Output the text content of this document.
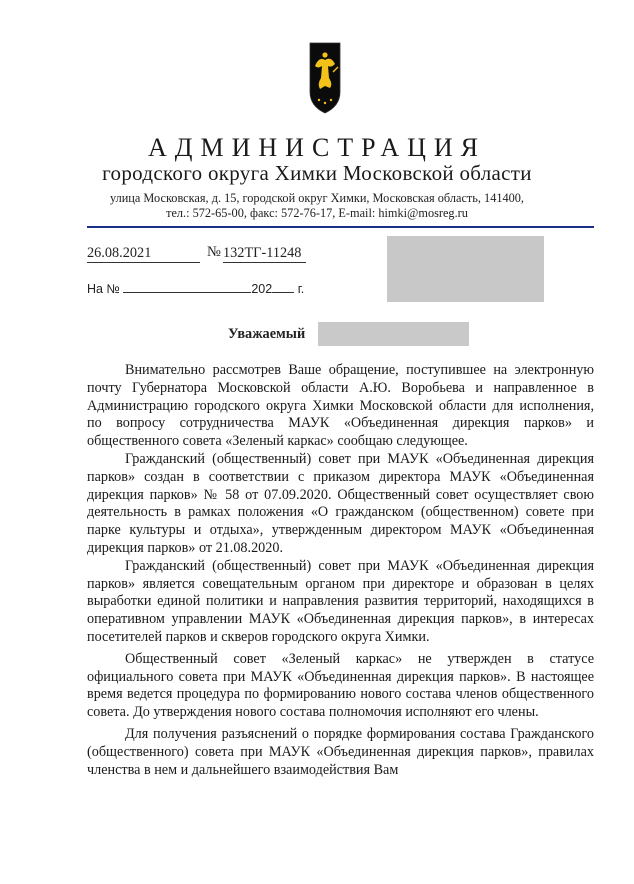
АДМИНИСТРАЦИЯ
городского округа Химки Московской области
улица Московская, д. 15, городской округ Химки, Московская область, 141400,
тел.: 572-65-00, факс: 572-76-17, E-mail: himki@mosreg.ru
26.08.2021	№ 132ТГ-11248
На №	202 г.
Уважаемый

Внимательно рассмотрев Ваше обращение, поступившее на электронную почту Губернатора Московской области А.Ю. Воробьева и направленное в Администрацию городского округа Химки Московской области для исполнения, по вопросу сотрудничества МАУК «Объединенная дирекция парков» и общественного совета «Зеленый каркас» сообщаю следующее.

Гражданский (общественный) совет при МАУК «Объединенная дирекция парков» создан в соответствии с приказом директора МАУК «Объединенная дирекция парков» № 58 от 07.09.2020. Общественный совет осуществляет свою деятельность в рамках положения «О гражданском (общественном) совете при парке культуры и отдыха», утвержденным директором МАУК «Объединенная дирекция парков» от 21.08.2020.

Гражданский (общественный) совет при МАУК «Объединенная дирекция парков» является совещательным органом при директоре и образован в целях выработки единой политики и направления развития территорий, находящихся в оперативном управлении МАУК «Объединенная дирекция парков», в интересах посетителей парков и скверов городского округа Химки.

Общественный совет «Зеленый каркас» не утвержден в статусе официального совета при МАУК «Объединенная дирекция парков». В настоящее время ведется процедура по формированию нового состава членов общественного совета. До утверждения нового состава полномочия исполняют его члены.

Для получения разъяснений о порядке формирования состава Гражданского (общественного) совета при МАУК «Объединенная дирекция парков», правилах членства в нем и дальнейшего взаимодействия Вам
